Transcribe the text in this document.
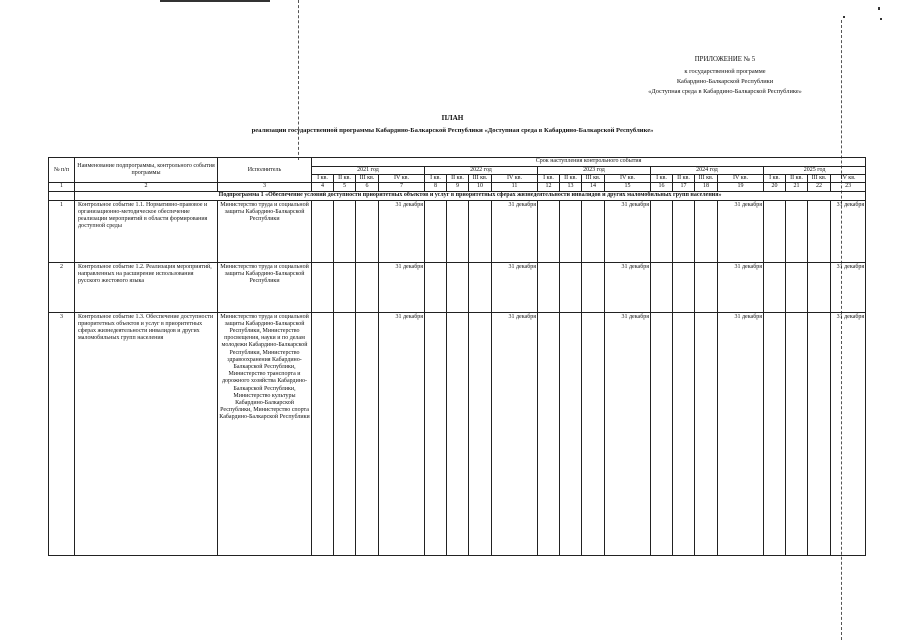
ПРИЛОЖЕНИЕ № 5
к государственной программе
Кабардино-Балкарской Республики
«Доступная среда в Кабардино-Балкарской Республике»
ПЛАН
реализации государственной программы Кабардино-Балкарской Республики «Доступная среда в Кабардино-Балкарской Республике»
№ п/п	Наименование подпрограммы, контрольного события программы	Исполнитель	Срок наступления контрольного события																			
			2021 год				2022 год				2023 год				2024 год				2025 год			
			I кв.	II кв.	III кв.	IV кв.	I кв.	II кв.	III кв.	IV кв.	I кв.	II кв.	III кв.	IV кв.	I кв.	II кв.	III кв.	IV кв.	I кв.	II кв.	III кв.	IV кв.
1	2	3	4	5	6	7	8	9	10	11	12	13	14	15	16	17	18	19	20	21	22	23
	Подпрограмма 1 «Обеспечение условий доступности приоритетных объектов и услуг в приоритетных сферах жизнедеятельности инвалидов и других маломобильных групп населения»																					
1	Контрольное событие 1.1. Нормативно-правовое и организационно-методическое обеспечение реализации мероприятий в области формирования доступной среды	Министерство труда и социальной защиты Кабардино-Балкарской Республики				31 декабря				31 декабря				31 декабря				31 декабря				31 декабря
2	Контрольное событие 1.2. Реализация мероприятий, направленных на расширение использования русского жестового языка	Министерство труда и социальной защиты Кабардино-Балкарской Республики				31 декабря				31 декабря				31 декабря				31 декабря				31 декабря
3	Контрольное событие 1.3. Обеспечение доступности приоритетных объектов и услуг в приоритетных сферах жизнедеятельности инвалидов и других маломобильных групп населения	Министерство труда и социальной защиты Кабардино-Балкарской Республики, Министерство просвещения, науки и по делам молодежи Кабардино-Балкарской Республики, Министерство здравоохранения Кабардино-Балкарской Республики, Министерство транспорта и дорожного хозяйства Кабардино-Балкарской Республики, Министерство культуры Кабардино-Балкарской Республики, Министерство спорта Кабардино-Балкарской Республики				31 декабря				31 декабря				31 декабря				31 декабря				31 декабря
